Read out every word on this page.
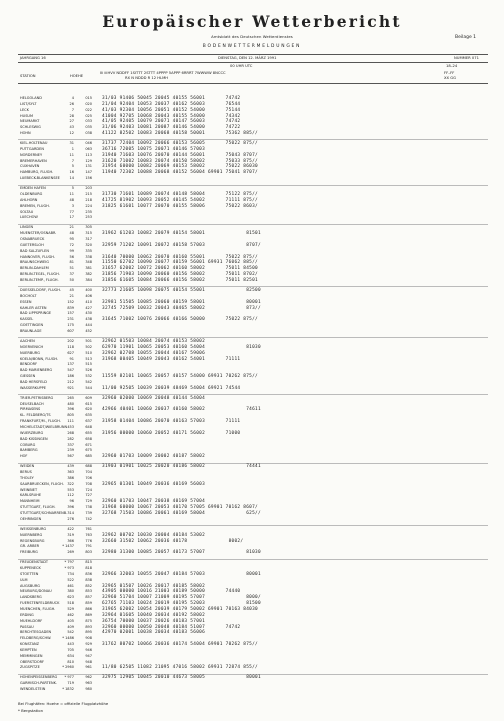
Europäischer Wetterbericht
Amtsblatt des Deutschen Wetterdienstes	Beilage 1
BODENWETTERMELDUNGEN
JAHRGANG 16	DIENSTAG, DEN 12. MÄRZ 1991	NUMMER 071
00 UHR UTC	18–24
STATION	HOEHE
IIi iiiHVV NDDFF 1SITTT 2STTT 4PPPP 5APPP 6RRRT 7WWWW 8NCCC
RX N NDDD R 12 HLMH
FF–FF
XX GG
HELGOLAND	4	015 31/03 91406 50045 20045 40155 56001       74742
LIST/SYLT	26	020 21/04 92404 10053 20037 40162 56003       76544
LECK	7	022 41/03 92304 10056 20051 40152 54000       75144
HUSUM	28	025 41004 92705 10068 20043 40155 54000       74342
NEUMARKT	27	033 41/05 92405 10079 20071 40147 56003       74742
SCHLESWIG	43	035 31/06 92403 10081 20087 40146 54000       74722
HOHN	12	038 41122 82502 10083 20068 40158 50001       75362 885//
KIEL-HOLTENAU	31	046 31737 72404 10092 20066 40153 56005       75022 875//
PUTTGARDEN	1	063 36716 72005 10075 20071 40146 57003
NORDERNEY	11	113 31940 71603 10076 20070 40144 56001       75043 8707/
BREMERHAVEN	7	129 31620 71002 10083 20074 40150 58002       75033 875//
CUXHAVEN	5	131 31954 60000 10082 20069 40153 58002       75022 86030
HAMBURG, FLUGH.	16	147 11940 72302 10088 20068 40152 56004 69901 75041 8707/
LUEBECK-BLANKENSEE	14	156
EMDEN HAFEN	5	203
OLDENBURG	11	215 31730 71601 10089 20074 40148 58004       75122 875//
AHLHORN	48	218 41725 81902 10093 20052 40145 54002       71111 875//
BREMEN, FLUGH.	3	224 31825 61601 10077 20070 40155 58006       75022 8603/
SOLTAU	77	235
LUECHOW	17	253
LINGEN	21	305
MUENSTER/OSNABR.	48	315 31962 61203 10082 20079 40154 58001              81501
OSNABRUECK	95	317
GUETERSLOH	72	320 32959 71202 10091 20072 40158 57003              8707/
BAD SALZUFLEN	99	335
HANNOVER, FLUGH.	56	338 31640 70000 10062 20070 40160 55001       75022 875//
BRAUNSCHWEIG	81	348 11550 62702 10090 20077 40159 56001 69931 76062 885//
BERLIN-DAHLEM	51	381 31657 62002 10072 20062 40160 58002       75011 84500
BERLIN-TEGEL, FLUGH.	37	382 31856 71903 10090 20060 40156 58002       75011 8702/
BERLIN-TEMP., FLUGH.	50	384 31856 61605 10084 20066 40156 58002       75011 82501
DUESSELDORF, FLUGH.	45	400 32773 21605 10098 20075 40154 55001              82500
BOCHOLT	21	406
ESSEN	152	410 32981 51505 10085 20060 40159 58001              80001
KAHLER ASTEN	839	427 32745 72509 10032 20043 40465 58002              873//
BAD LIPPSPRINGE	157	430
KASSEL	231	438 31645 71002 10076 20066 40166 50000       75022 875//
GOETTINGEN	175	444
BRAUNLAGE	607	452
AACHEN	202	501 32962 01503 10084 20074 40153 58002
NOERVENICH	118	502 62970 11901 10065 20053 40160 54004              81030
NUERBURG	627	510 32962 02708 10055 20044 40167 59006
KOELN/BONN, FLUGH.	91	513 31968 00405 10049 20043 40162 54001       71111
BENDORF	137	515
BAD MARIENBERG	547	526
GIESSEN	186	532 11559 82101 10065 20057 40157 54000 69931 70262 875//
BAD HERSFELD	212	542
WASSERKUPPE	921	544 11/00 92505 10039 20039 48469 54004 69921 74544
TRIER-PETRISBERG	265	609 32960 02000 10069 20048 40144 54004
DEUSELBACH	480	615
PIRMASENS	396	620 42966 40401 10060 20037 40160 58002              74611
KL. FELDBERG/TS	805	635
FRANKFURT/M., FLUGH.	111	637 31958 01404 10086 20070 40163 57003       71111
MICHELSTADT/WIELBRUNN 453	648
WUERZBURG	268	655 31956 00000 10060 20052 40171 56002       71000
BAD KISSINGEN	282	658
COBURG	337	671
BAMBERG	239	675
HOF	567	685 32960 01703 10009 20002 40187 58002
WEIDEN	439	688 31903 01901 10025 20020 40186 58002              74441
BERUS	363	704
THOLEY	386	706
SAARBRUECKEN, FLUGH.	322	708 32965 01301 10049 20036 40169 56003
WEINBIET	553	724
KARLSRUHE	112	727
MANNHEIM	96	729 32960 01703 10047 20038 40169 57004
STUTTGART, FLUGH.	396	738 31968 60000 10067 20053 40170 57005 69901 70162 8607/
STUTTGART/SCHNARRENB. 314	739 32768 71503 10086 20061 40169 58004              625//
OEHRINGEN	276	742
WEISSENBURG	422	761
NUERNBERG	319	763 32962 00702 10030 20004 40184 53002
REGENSBURG	366	776 32660 31502 10062 20036 40178              8002/
GR. ARBER	* 1437	791
FREIBURG	269	803 32980 31300 10085 20057 40173 57007              81030
FREUDENSTADT	* 797	815
KUPPENECK	* 973	818
STOETTEN	734	836 32966 32003 10055 20047 40184 57003              80001
ULM	522	838
AUGSBURG	461	852 32965 01507 10026 20017 40185 58002
NEUBURG/DONAU	380	853 43905 00000 10016 21003 40189 50000       74440
LANDSBERG	623	857 32960 51704 10007 21009 40195 57007              8000/
FUERSTENFELDBRUCK	518	859 62765 71103 10024 20019 40195 52003              81500
MUENCHEN, FLUGH.	529	866 31965 62002 10054 20039 40179 50002 69901 70163 84030
ERDING	462	869 32964 01605 10040 20034 40192 58002
MUEHLDORF	405	875 36754 70000 10037 20026 40183 57001
PASSAU	409	893 32960 00000 10050 20048 40184 51007       74742
BERCHTESGADEN	542	895 42970 02001 10038 20034 40183 56006
FELDBERG/SCHW.	* 1486	908
KONSTANZ	443	929 31762 80702 10066 20036 40174 54004 69901 70262 875//
KEMPTEN	705	946
MEMMINGEN	634	947
OBERSTDORF	810	948
ZUGSPITZE	* 2960	961 11/80 62505 11082 21095 47016 58002 69931 72874 855//
HOHENPEISSENBERG	* 977	962 32975 12905 10045 20010 44673 58005              80001
GARMISCH-PARTENK.	719	963
WENDELSTEIN	* 1832	980
Bei Flughäfen: Hoehe = offizielle Flugplatzhöhe
* Bergstation
